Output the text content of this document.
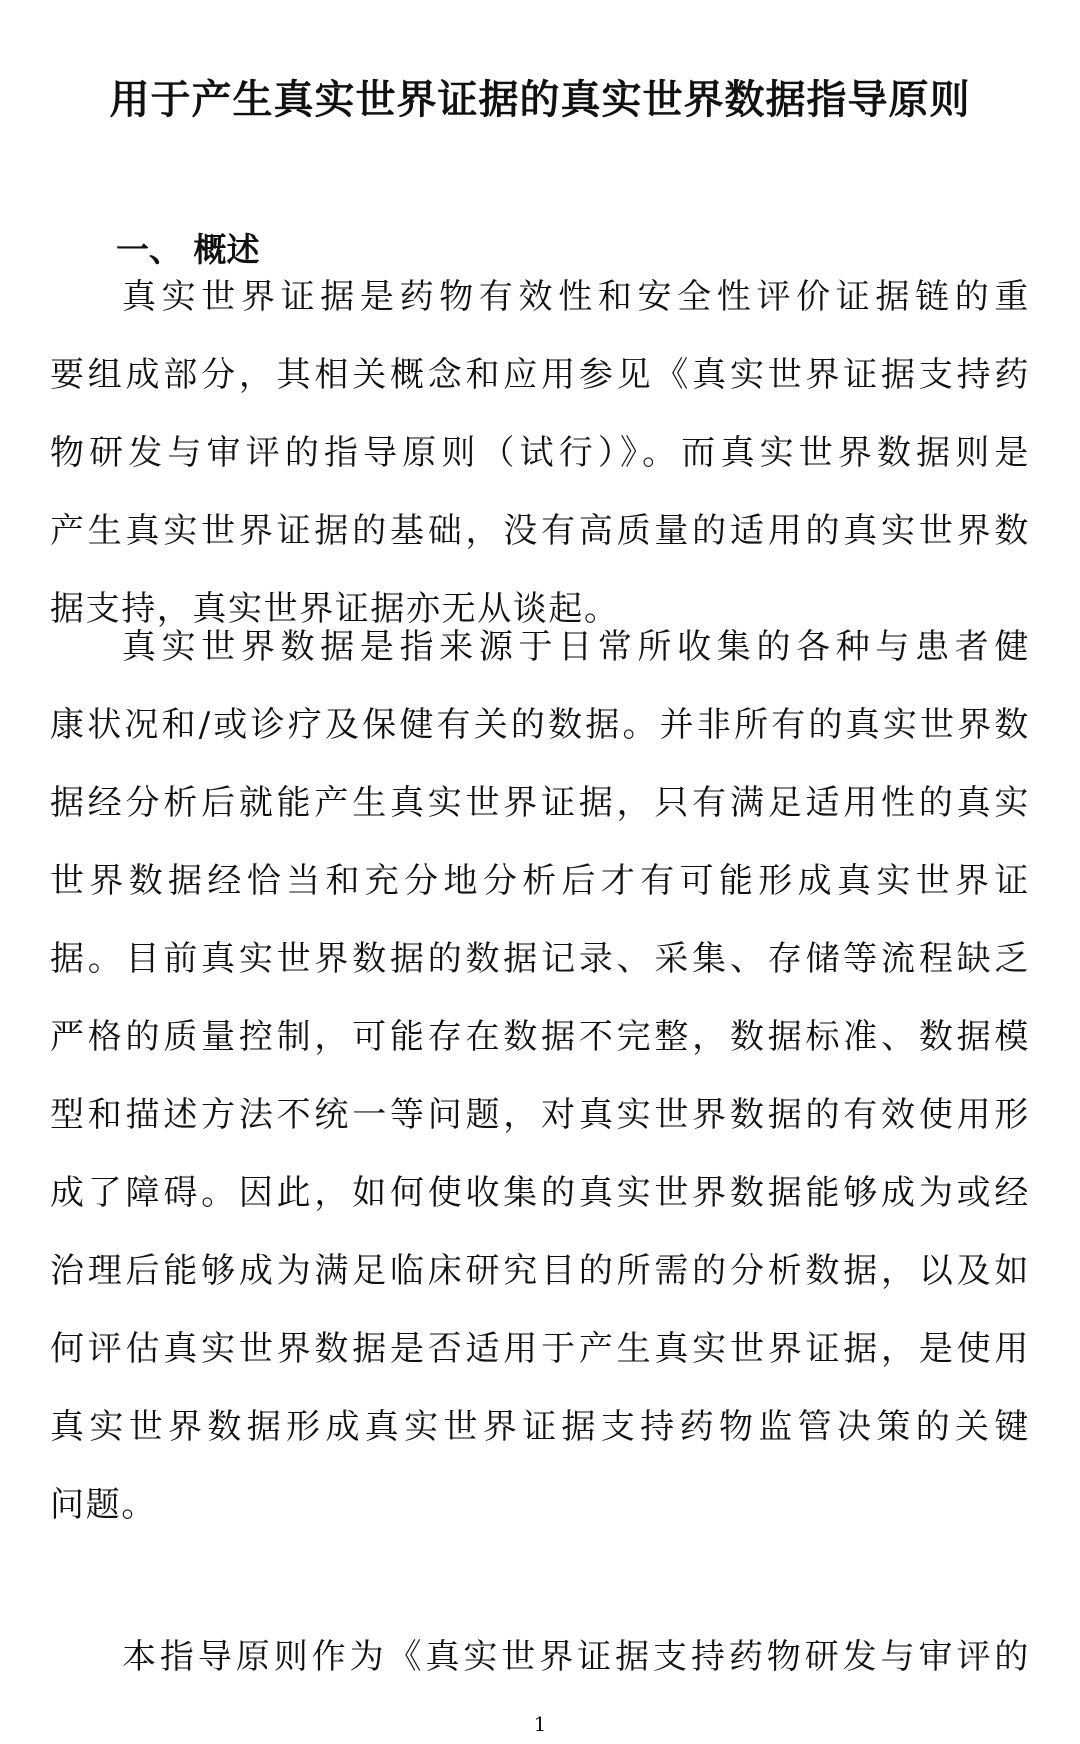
用于产生真实世界证据的真实世界数据指导原则
一、 概述
真实世界证据是药物有效性和安全性评价证据链的重
要组成部分，其相关概念和应用参见《真实世界证据支持药
物研发与审评的指导原则（试行）》。而真实世界数据则是
产生真实世界证据的基础，没有高质量的适用的真实世界数
据支持，真实世界证据亦无从谈起。
真实世界数据是指来源于日常所收集的各种与患者健
康状况和/或诊疗及保健有关的数据。并非所有的真实世界数
据经分析后就能产生真实世界证据，只有满足适用性的真实
世界数据经恰当和充分地分析后才有可能形成真实世界证
据。目前真实世界数据的数据记录、采集、存储等流程缺乏
严格的质量控制，可能存在数据不完整，数据标准、数据模
型和描述方法不统一等问题，对真实世界数据的有效使用形
成了障碍。因此，如何使收集的真实世界数据能够成为或经
治理后能够成为满足临床研究目的所需的分析数据，以及如
何评估真实世界数据是否适用于产生真实世界证据，是使用
真实世界数据形成真实世界证据支持药物监管决策的关键
问题。
本指导原则作为《真实世界证据支持药物研发与审评的
1
